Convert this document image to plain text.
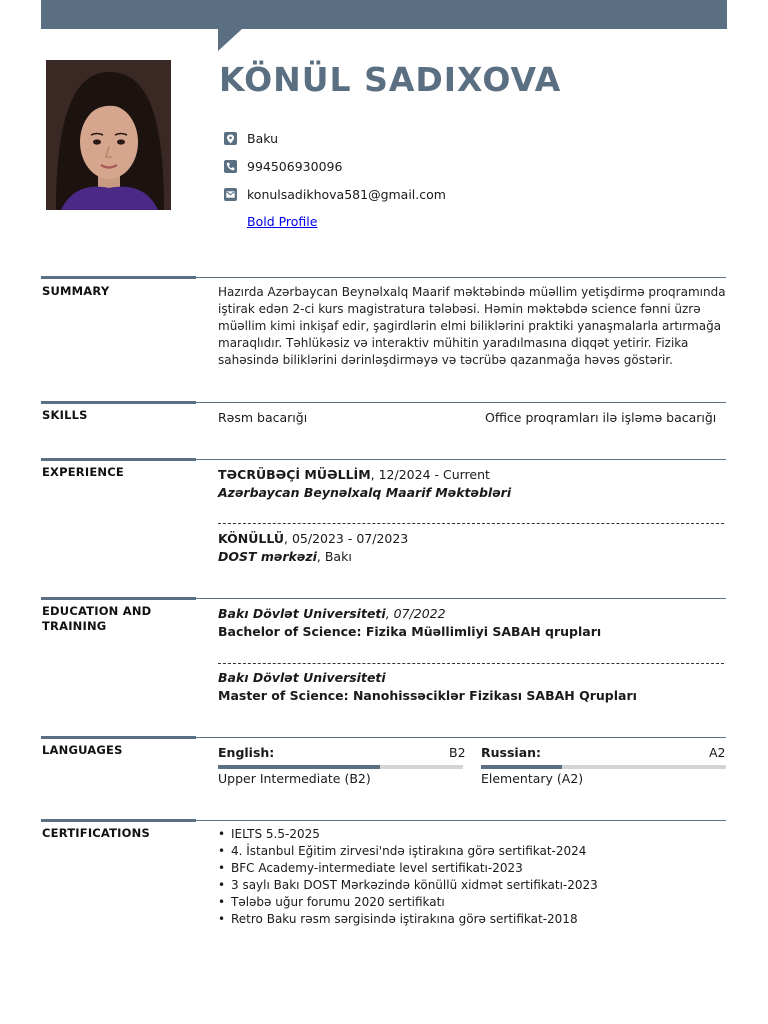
KÖNÜL SADIXOVA
Baku
994506930096
konulsadikhova581@gmail.com
Bold Profile
SUMMARY	Hazırda Azərbaycan Beynəlxalq Maarif məktəbində müəllim yetişdirmə proqramında iştirak edən 2-ci kurs magistratura tələbəsi. Həmin məktəbdə science fənni üzrə müəllim kimi inkişaf edir, şagirdlərin elmi biliklərini praktiki yanaşmalarla artırmağa maraqlıdır. Təhlükəsiz və interaktiv mühitin yaradılmasına diqqət yetirir. Fizika sahəsində biliklərini dərinləşdirməyə və təcrübə qazanmağa həvəs göstərir.

SKILLS	Rəsm bacarığı	Office proqramları ilə işləmə bacarığı
EXPERIENCE	TƏCRÜBƏÇİ MÜƏLLİM, 12/2024 - Current
Azərbaycan Beynəlxalq Maarif Məktəbləri
KÖNÜLLÜ, 05/2023 - 07/2023
DOST mərkəzi, Bakı
EDUCATION AND TRAINING
Bakı Dövlət Universiteti, 07/2022
Bachelor of Science: Fizika Müəllimliyi SABAH qrupları
Bakı Dövlət Universiteti
Master of Science: Nanohissəciklər Fizikası SABAH Qrupları
LANGUAGES	English:	B2
Upper Intermediate (B2)
Russian:	A2
Elementary (A2)
CERTIFICATIONS
•	IELTS 5.5-2025
• 4. İstanbul Eğitim zirvesi'ndə iştirakına görə sertifikat-2024
• BFC Academy-intermediate level sertifikatı-2023
• 3 saylı Bakı DOST Mərkəzində könüllü xidmət sertifikatı-2023
• Tələbə uğur forumu 2020 sertifikatı
• Retro Baku rəsm sərgisində iştirakına görə sertifikat-2018
